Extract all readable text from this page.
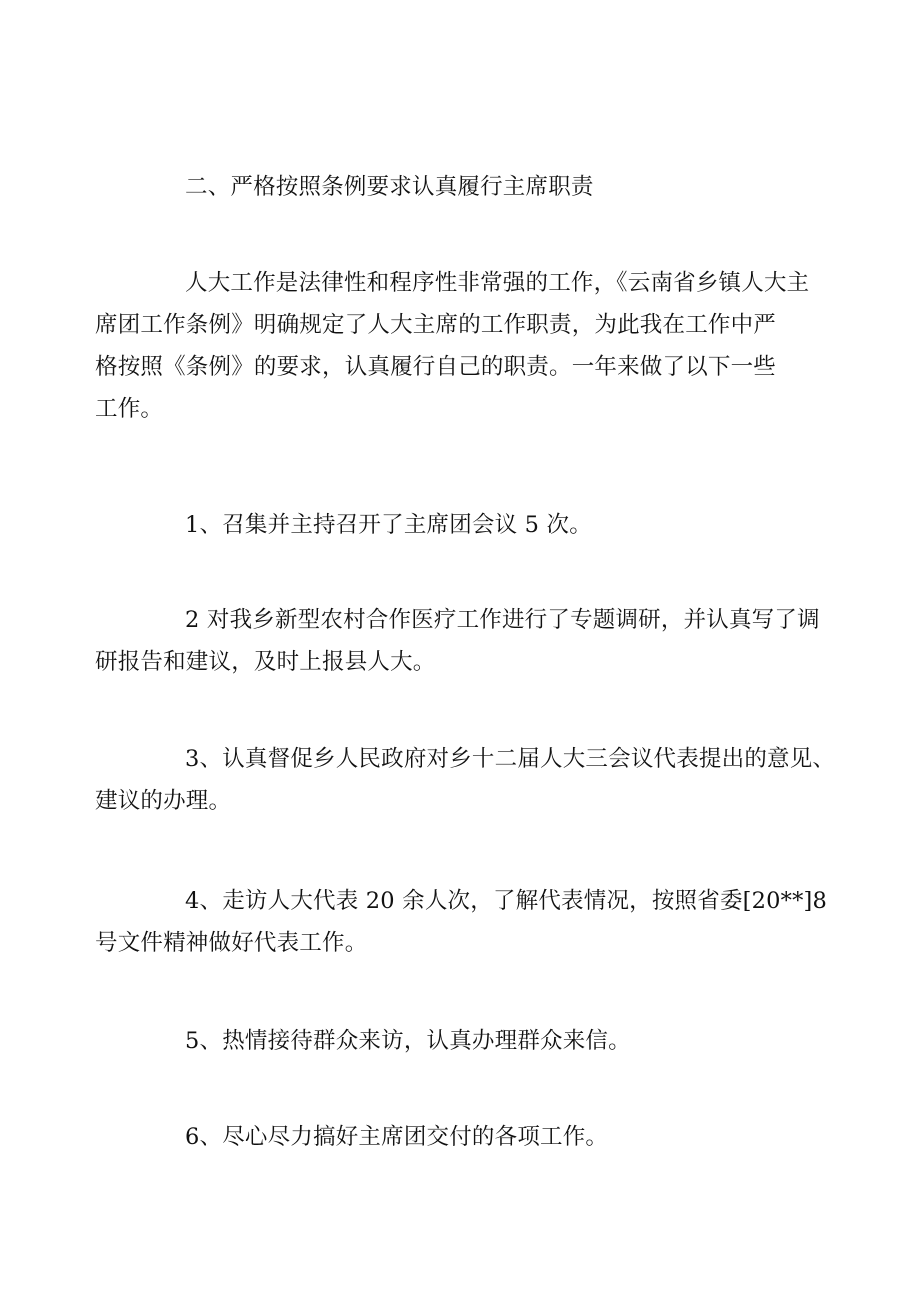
二、严格按照条例要求认真履行主席职责

人大工作是法律性和程序性非常强的工作，《云南省乡镇人大主
席团工作条例》明确规定了人大主席的工作职责，为此我在工作中严
格按照《条例》的要求，认真履行自己的职责。一年来做了以下一些
工作。

1、召集并主持召开了主席团会议 5 次。

2 对我乡新型农村合作医疗工作进行了专题调研，并认真写了调
研报告和建议，及时上报县人大。

3、认真督促乡人民政府对乡十二届人大三会议代表提出的意见、
建议的办理。

4、走访人大代表 20 余人次，了解代表情况，按照省委[20**]8
号文件精神做好代表工作。

5、热情接待群众来访，认真办理群众来信。

6、尽心尽力搞好主席团交付的各项工作。
